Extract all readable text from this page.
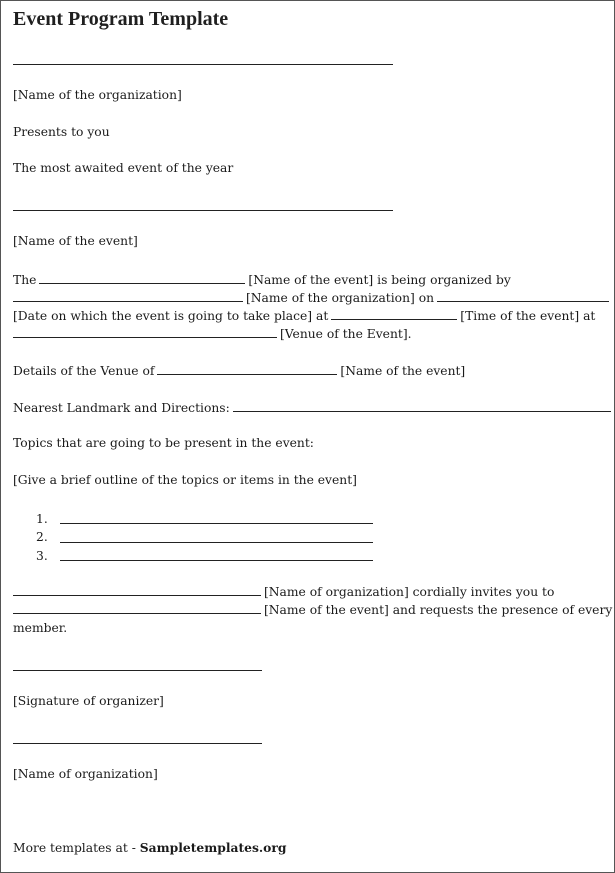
Event Program Template
[Name of the organization]
Presents to you
The most awaited event of the year
[Name of the event]
The	[Name of the event] is being organized by
[Name of the organization] on
[Date on which the event is going to take place] at	[Time of the event] at
[Venue of the Event].
Details of the Venue of	[Name of the event]
Nearest Landmark and Directions:
Topics that are going to be present in the event:
[Give a brief outline of the topics or items in the event]
1.
2.
3.
[Name of organization] cordially invites you to
[Name of the event] and requests the presence of every
member.
[Signature of organizer]
[Name of organization]
More templates at - Sampletemplates.org
